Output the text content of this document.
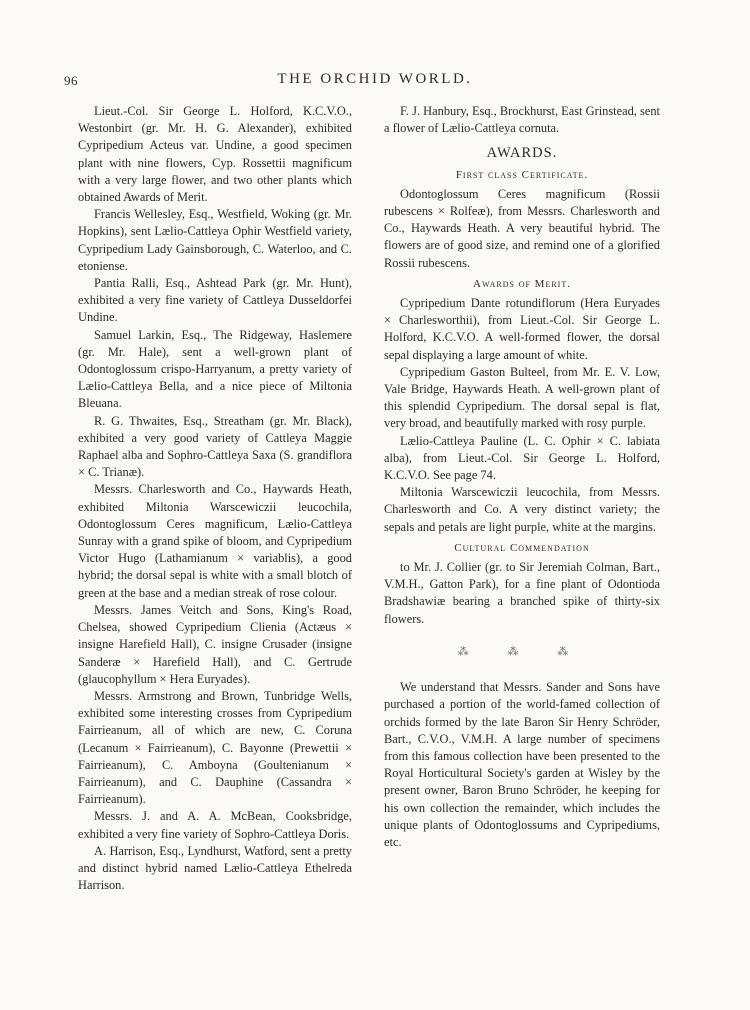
96	THE ORCHID WORLD.

Lieut.-Col. Sir George L. Holford, K.C.V.O., Westonbirt (gr. Mr. H. G. Alexander), exhibited Cypripedium Acteus var. Undine, a good specimen plant with nine flowers, Cyp. Rossettii magnificum with a very large flower, and two other plants which obtained Awards of Merit.

Francis Wellesley, Esq., Westfield, Woking (gr. Mr. Hopkins), sent Lælio-Cattleya Ophir Westfield variety, Cypripedium Lady Gainsborough, C. Waterloo, and C. etoniense.

Pantia Ralli, Esq., Ashtead Park (gr. Mr. Hunt), exhibited a very fine variety of Cattleya Dusseldorfei Undine.

Samuel Larkin, Esq., The Ridgeway, Haslemere (gr. Mr. Hale), sent a well-grown plant of Odontoglossum crispo-Harryanum, a pretty variety of Lælio-Cattleya Bella, and a nice piece of Miltonia Bleuana.

R. G. Thwaites, Esq., Streatham (gr. Mr. Black), exhibited a very good variety of Cattleya Maggie Raphael alba and Sophro-Cattleya Saxa (S. grandiflora × C. Trianæ).

Messrs. Charlesworth and Co., Haywards Heath, exhibited Miltonia Warscewiczii leucochila, Odontoglossum Ceres magnificum, Lælio-Cattleya Sunray with a grand spike of bloom, and Cypripedium Victor Hugo (Lathamianum × variablis), a good hybrid; the dorsal sepal is white with a small blotch of green at the base and a median streak of rose colour.

Messrs. James Veitch and Sons, King's Road, Chelsea, showed Cypripedium Clienia (Actæus × insigne Harefield Hall), C. insigne Crusader (insigne Sanderæ × Harefield Hall), and C. Gertrude (glaucophyllum × Hera Euryades).

Messrs. Armstrong and Brown, Tunbridge Wells, exhibited some interesting crosses from Cypripedium Fairrieanum, all of which are new, C. Coruna (Lecanum × Fairrieanum), C. Bayonne (Prewettii × Fairrieanum), C. Amboyna (Goultenianum × Fairrieanum), and C. Dauphine (Cassandra × Fairrieanum).

Messrs. J. and A. A. McBean, Cooksbridge, exhibited a very fine variety of Sophro-Cattleya Doris.

A. Harrison, Esq., Lyndhurst, Watford, sent a pretty and distinct hybrid named Lælio-Cattleya Ethelreda Harrison.

F. J. Hanbury, Esq., Brockhurst, East Grinstead, sent a flower of Lælio-Cattleya cornuta.

AWARDS.
First class Certificate.

Odontoglossum Ceres magnificum (Rossii rubescens × Rolfeæ), from Messrs. Charlesworth and Co., Haywards Heath. A very beautiful hybrid. The flowers are of good size, and remind one of a glorified Rossii rubescens.

Awards of Merit.

Cypripedium Dante rotundiflorum (Hera Euryades × Charlesworthii), from Lieut.-Col. Sir George L. Holford, K.C.V.O. A well-formed flower, the dorsal sepal displaying a large amount of white.

Cypripedium Gaston Bulteel, from Mr. E. V. Low, Vale Bridge, Haywards Heath. A well-grown plant of this splendid Cypripedium. The dorsal sepal is flat, very broad, and beautifully marked with rosy purple.

Lælio-Cattleya Pauline (L. C. Ophir × C. labiata alba), from Lieut.-Col. Sir George L. Holford, K.C.V.O. See page 74.

Miltonia Warscewiczii leucochila, from Messrs. Charlesworth and Co. A very distinct variety; the sepals and petals are light purple, white at the margins.

Cultural Commendation

to Mr. J. Collier (gr. to Sir Jeremiah Colman, Bart., V.M.H., Gatton Park), for a fine plant of Odontioda Bradshawiæ bearing a branched spike of thirty-six flowers.

⁂ ⁂ ⁂

We understand that Messrs. Sander and Sons have purchased a portion of the world-famed collection of orchids formed by the late Baron Sir Henry Schröder, Bart., C.V.O., V.M.H. A large number of specimens from this famous collection have been presented to the Royal Horticultural Society's garden at Wisley by the present owner, Baron Bruno Schröder, he keeping for his own collection the remainder, which includes the unique plants of Odontoglossums and Cypripediums, etc.
